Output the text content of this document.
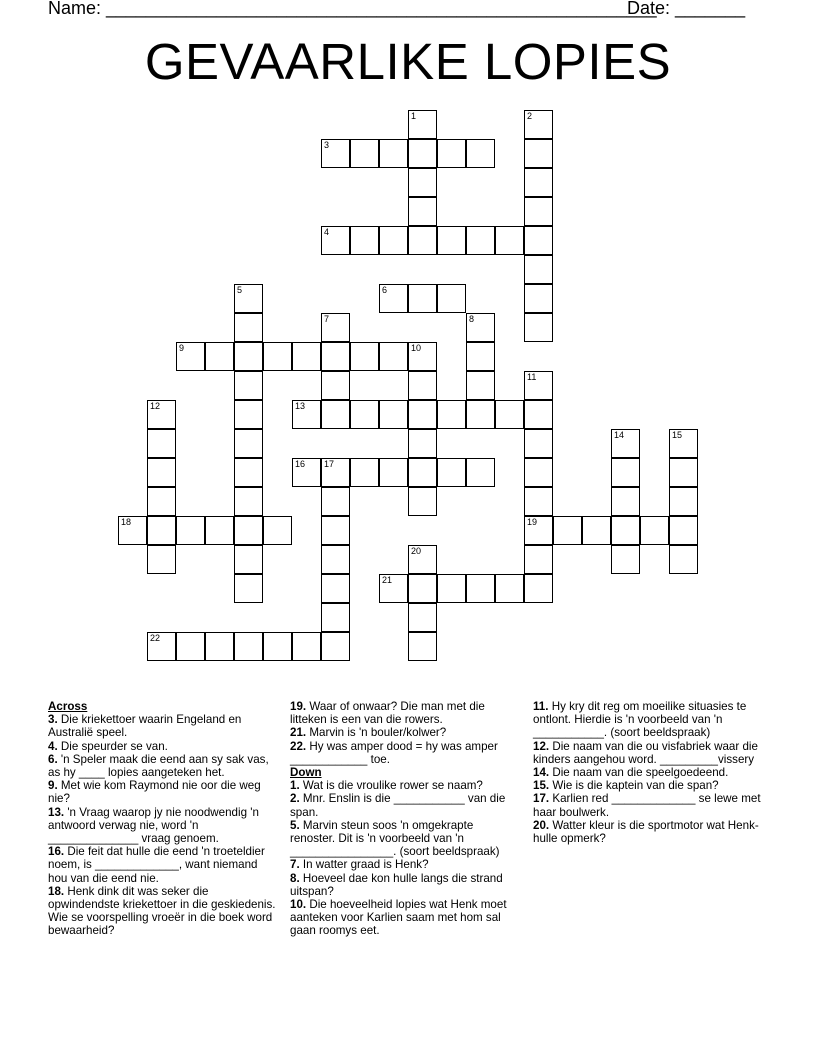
Name: _______________________________________________________
Date: _______
GEVAARLIKE LOPIES
1	2
3
4
5	6
7	8
9	10
11
19
12	13
14	15
16 17
18
20
21
22
Across
3. Die kriekettoer waarin Engeland en Australië speel.
4. Die speurder se van.
6. 'n Speler maak die eend aan sy sak vas, as hy ____ lopies aangeteken het.
9. Met wie kom Raymond nie oor die weg nie?
13. 'n Vraag waarop jy nie noodwendig 'n antwoord verwag nie, word 'n ______________ vraag genoem.
16. Die feit dat hulle die eend 'n troeteldier noem, is _____________, want niemand hou van die eend nie.
18. Henk dink dit was seker die opwindendste kriekettoer in die geskiedenis. Wie se voorspelling vroeër in die boek word bewaarheid?
19. Waar of onwaar? Die man met die litteken is een van die rowers.
21. Marvin is 'n bouler/kolwer?
22. Hy was amper dood = hy was amper ____________ toe.
Down
1. Wat is die vroulike rower se naam?
2. Mnr. Enslin is die ___________ van die span.
5. Marvin steun soos 'n omgekrapte renoster. Dit is 'n voorbeeld van 'n ________________. (soort beeldspraak)
7. In watter graad is Henk?
8. Hoeveel dae kon hulle langs die strand uitspan?
10. Die hoeveelheid lopies wat Henk moet aanteken voor Karlien saam met hom sal gaan roomys eet.
11. Hy kry dit reg om moeilike situasies te ontlont. Hierdie is 'n voorbeeld van 'n ___________. (soort beeldspraak)
12. Die naam van die ou visfabriek waar die kinders aangehou word. _________vissery
14. Die naam van die speelgoedeend.
15. Wie is die kaptein van die span?
17. Karlien red _____________ se lewe met haar boulwerk.
20. Watter kleur is die sportmotor wat Henk-hulle opmerk?
